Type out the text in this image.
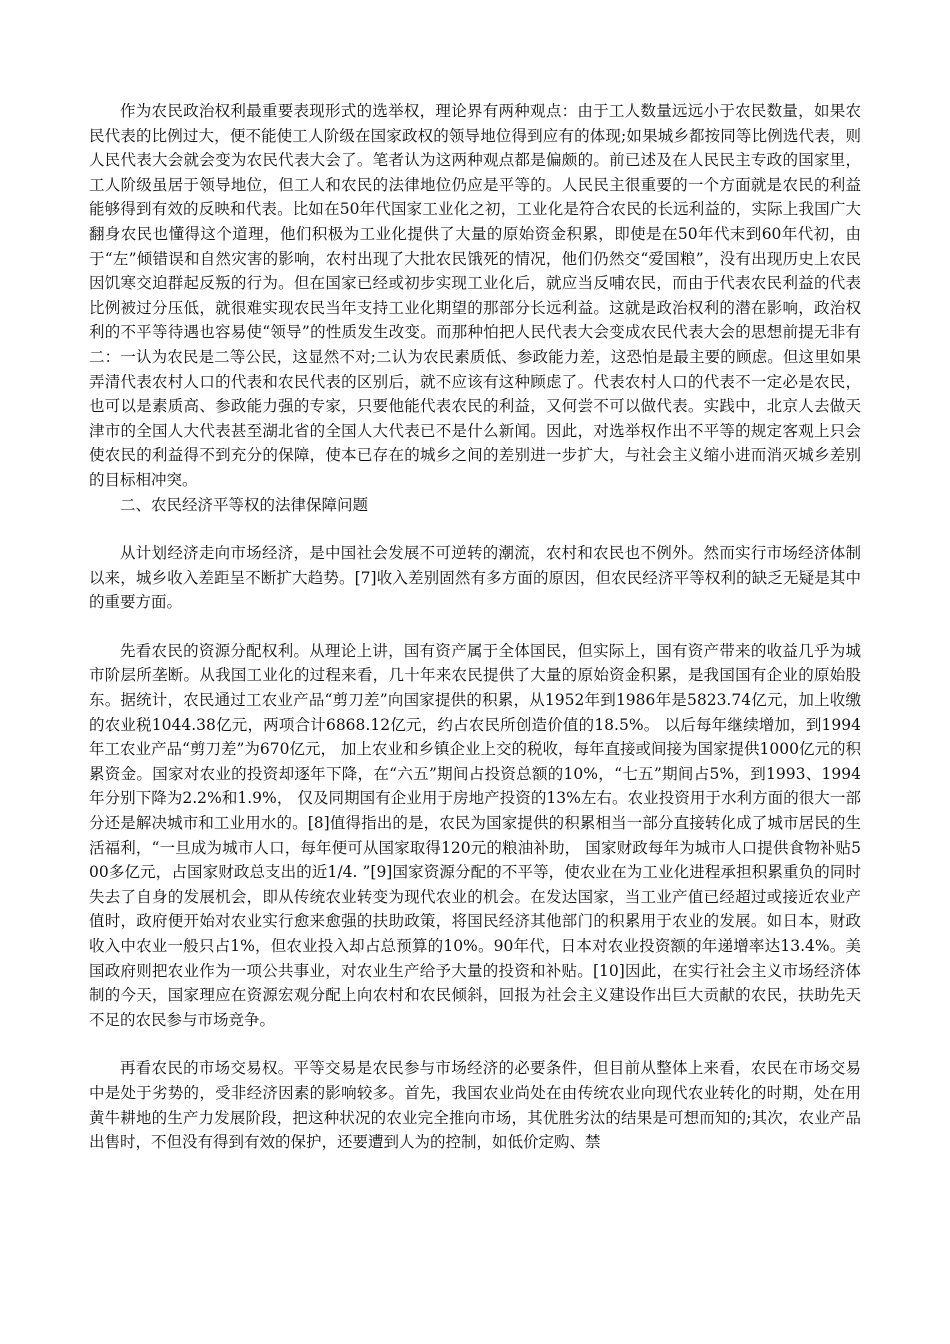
作为农民政治权利最重要表现形式的选举权，理论界有两种观点：由于工人数量远远小于农民数量，如果农民代表的比例过大，便不能使工人阶级在国家政权的领导地位得到应有的体现;如果城乡都按同等比例选代表，则人民代表大会就会变为农民代表大会了。笔者认为这两种观点都是偏颇的。前已述及在人民民主专政的国家里，工人阶级虽居于领导地位，但工人和农民的法律地位仍应是平等的。人民民主很重要的一个方面就是农民的利益能够得到有效的反映和代表。比如在50年代国家工业化之初，工业化是符合农民的长远利益的，实际上我国广大翻身农民也懂得这个道理，他们积极为工业化提供了大量的原始资金积累，即使是在50年代末到60年代初，由于“左”倾错误和自然灾害的影响，农村出现了大批农民饿死的情况，他们仍然交“爱国粮”，没有出现历史上农民因饥寒交迫群起反叛的行为。但在国家已经或初步实现工业化后，就应当反哺农民，而由于代表农民利益的代表比例被过分压低，就很难实现农民当年支持工业化期望的那部分长远利益。这就是政治权利的潜在影响，政治权利的不平等待遇也容易使“领导”的性质发生改变。而那种怕把人民代表大会变成农民代表大会的思想前提无非有二：一认为农民是二等公民，这显然不对;二认为农民素质低、参政能力差，这恐怕是最主要的顾虑。但这里如果弄清代表农村人口的代表和农民代表的区别后，就不应该有这种顾虑了。代表农村人口的代表不一定必是农民，也可以是素质高、参政能力强的专家，只要他能代表农民的利益，又何尝不可以做代表。实践中，北京人去做天津市的全国人大代表甚至湖北省的全国人大代表已不是什么新闻。因此，对选举权作出不平等的规定客观上只会使农民的利益得不到充分的保障，使本已存在的城乡之间的差别进一步扩大，与社会主义缩小进而消灭城乡差别的目标相冲突。

二、农民经济平等权的法律保障问题

从计划经济走向市场经济，是中国社会发展不可逆转的潮流，农村和农民也不例外。然而实行市场经济体制以来，城乡收入差距呈不断扩大趋势。[7]收入差别固然有多方面的原因，但农民经济平等权利的缺乏无疑是其中的重要方面。

先看农民的资源分配权利。从理论上讲，国有资产属于全体国民，但实际上，国有资产带来的收益几乎为城市阶层所垄断。从我国工业化的过程来看，几十年来农民提供了大量的原始资金积累，是我国国有企业的原始股东。据统计，农民通过工农业产品“剪刀差”向国家提供的积累，从1952年到1986年是5823.74亿元，加上收缴的农业税1044.38亿元，两项合计6868.12亿元，约占农民所创造价值的18.5%。 以后每年继续增加，到1994年工农业产品“剪刀差”为670亿元， 加上农业和乡镇企业上交的税收，每年直接或间接为国家提供1000亿元的积累资金。国家对农业的投资却逐年下降，在“六五”期间占投资总额的10%，“七五”期间占5%，到1993、1994年分别下降为2.2%和1.9%， 仅及同期国有企业用于房地产投资的13%左右。农业投资用于水利方面的很大一部分还是解决城市和工业用水的。[8]值得指出的是，农民为国家提供的积累相当一部分直接转化成了城市居民的生活福利，“一旦成为城市人口，每年便可从国家取得120元的粮油补助， 国家财政每年为城市人口提供食物补贴500多亿元，占国家财政总支出的近1/4. ”[9]国家资源分配的不平等，使农业在为工业化进程承担积累重负的同时失去了自身的发展机会，即从传统农业转变为现代农业的机会。在发达国家，当工业产值已经超过或接近农业产值时，政府便开始对农业实行愈来愈强的扶助政策，将国民经济其他部门的积累用于农业的发展。如日本，财政收入中农业一般只占1%，但农业投入却占总预算的10%。90年代，日本对农业投资额的年递增率达13.4%。美国政府则把农业作为一项公共事业，对农业生产给予大量的投资和补贴。[10]因此，在实行社会主义市场经济体制的今天，国家理应在资源宏观分配上向农村和农民倾斜，回报为社会主义建设作出巨大贡献的农民，扶助先天不足的农民参与市场竞争。

再看农民的市场交易权。平等交易是农民参与市场经济的必要条件，但目前从整体上来看，农民在市场交易中是处于劣势的，受非经济因素的影响较多。首先，我国农业尚处在由传统农业向现代农业转化的时期，处在用黄牛耕地的生产力发展阶段，把这种状况的农业完全推向市场，其优胜劣汰的结果是可想而知的;其次，农业产品出售时，不但没有得到有效的保护，还要遭到人为的控制，如低价定购、禁
